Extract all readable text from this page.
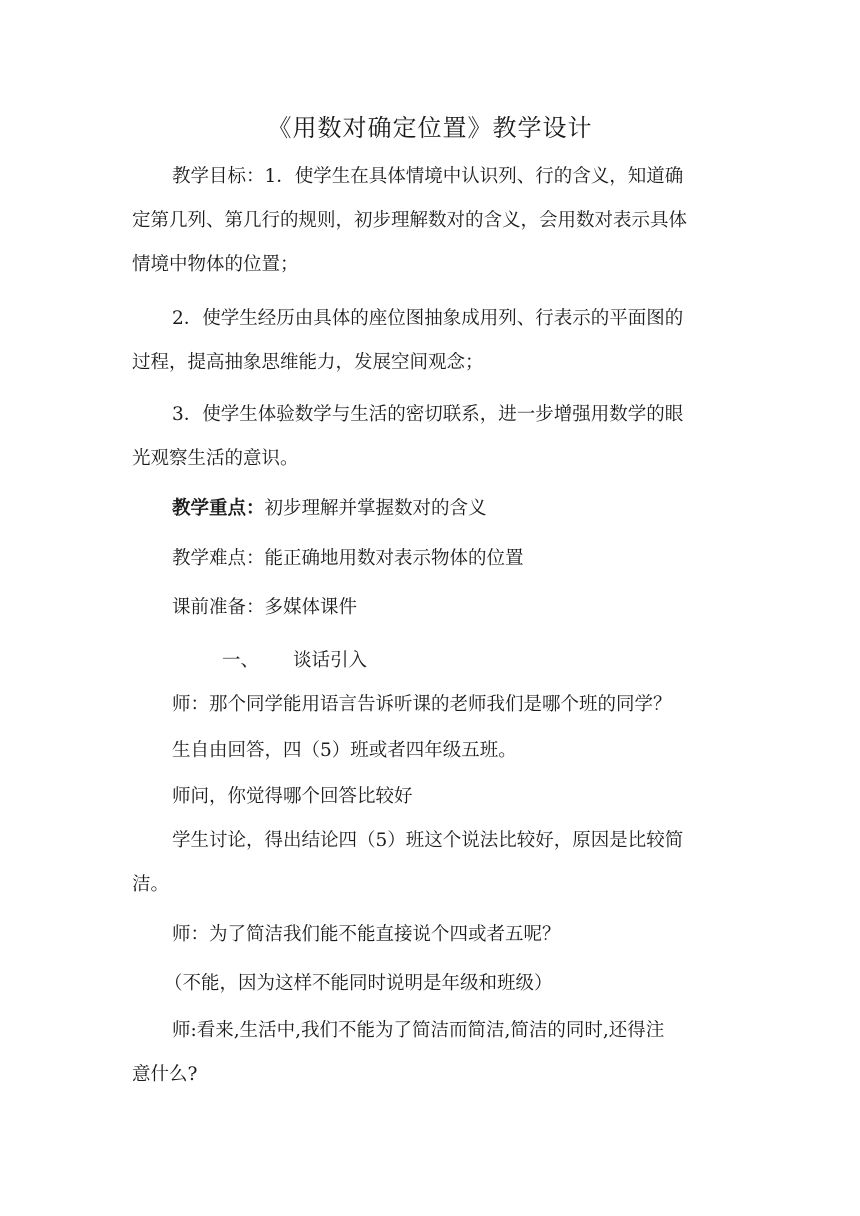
《用数对确定位置》教学设计
教学目标：1．使学生在具体情境中认识列、行的含义，知道确
定第几列、第几行的规则，初步理解数对的含义，会用数对表示具体
情境中物体的位置；
2．使学生经历由具体的座位图抽象成用列、行表示的平面图的
过程，提高抽象思维能力，发展空间观念；
3．使学生体验数学与生活的密切联系，进一步增强用数学的眼
光观察生活的意识。
教学重点：初步理解并掌握数对的含义
教学难点：能正确地用数对表示物体的位置
课前准备：多媒体课件
一、 谈话引入
师：那个同学能用语言告诉听课的老师我们是哪个班的同学？
生自由回答，四（5）班或者四年级五班。
师问，你觉得哪个回答比较好
学生讨论，得出结论四（5）班这个说法比较好，原因是比较简
洁。
师：为了简洁我们能不能直接说个四或者五呢？
（不能，因为这样不能同时说明是年级和班级）
师:看来,生活中,我们不能为了简洁而简洁,简洁的同时,还得注
意什么?
